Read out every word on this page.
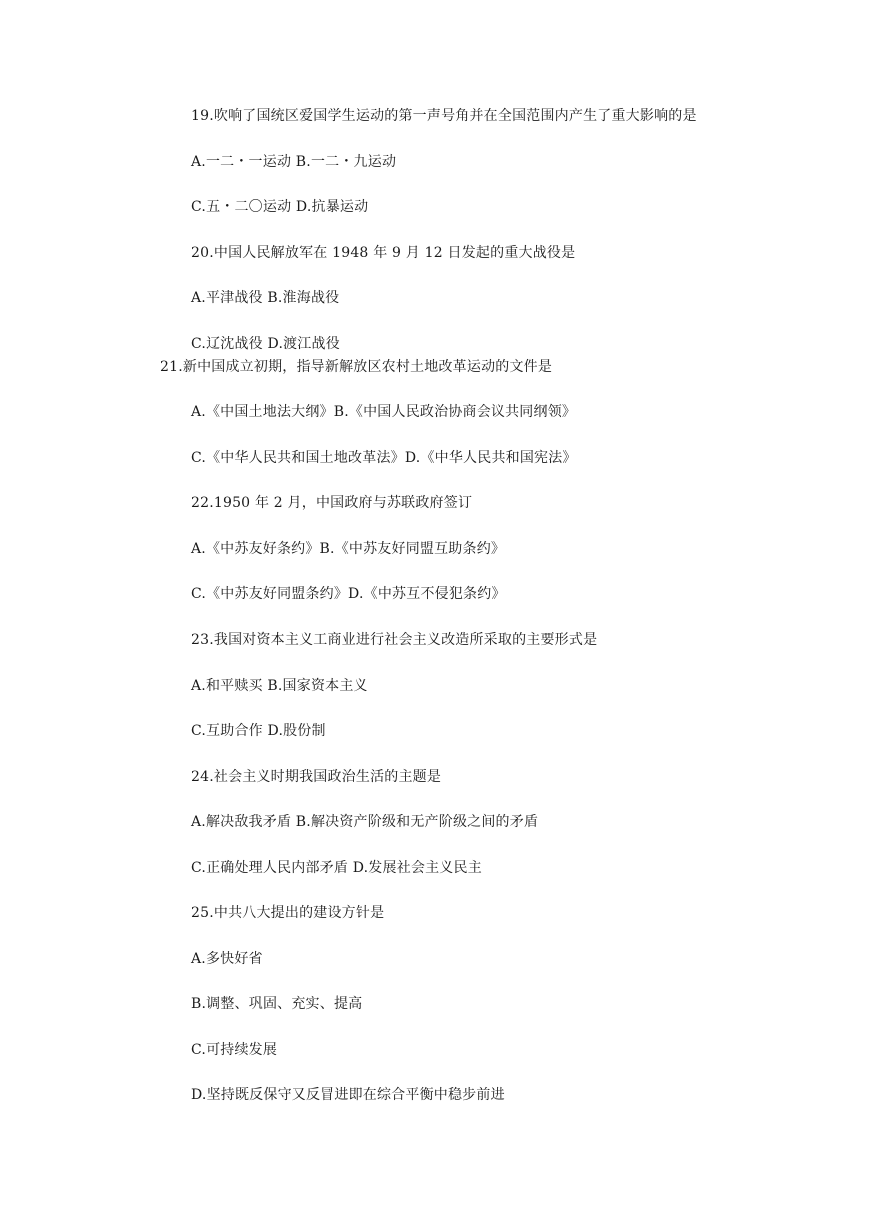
19.吹响了国统区爱国学生运动的第一声号角并在全国范围内产生了重大影响的是
A.一二・一运动 B.一二・九运动
C.五・二〇运动 D.抗暴运动
20.中国人民解放军在 1948 年 9 月 12 日发起的重大战役是
A.平津战役 B.淮海战役
C.辽沈战役 D.渡江战役
21.新中国成立初期，指导新解放区农村土地改革运动的文件是
A.《中国土地法大纲》B.《中国人民政治协商会议共同纲领》
C.《中华人民共和国土地改革法》D.《中华人民共和国宪法》
22.1950 年 2 月，中国政府与苏联政府签订
A.《中苏友好条约》B.《中苏友好同盟互助条约》
C.《中苏友好同盟条约》D.《中苏互不侵犯条约》
23.我国对资本主义工商业进行社会主义改造所采取的主要形式是
A.和平赎买 B.国家资本主义
C.互助合作 D.股份制
24.社会主义时期我国政治生活的主题是
A.解决敌我矛盾 B.解决资产阶级和无产阶级之间的矛盾
C.正确处理人民内部矛盾 D.发展社会主义民主
25.中共八大提出的建设方针是
A.多快好省
B.调整、巩固、充实、提高
C.可持续发展
D.坚持既反保守又反冒进即在综合平衡中稳步前进
